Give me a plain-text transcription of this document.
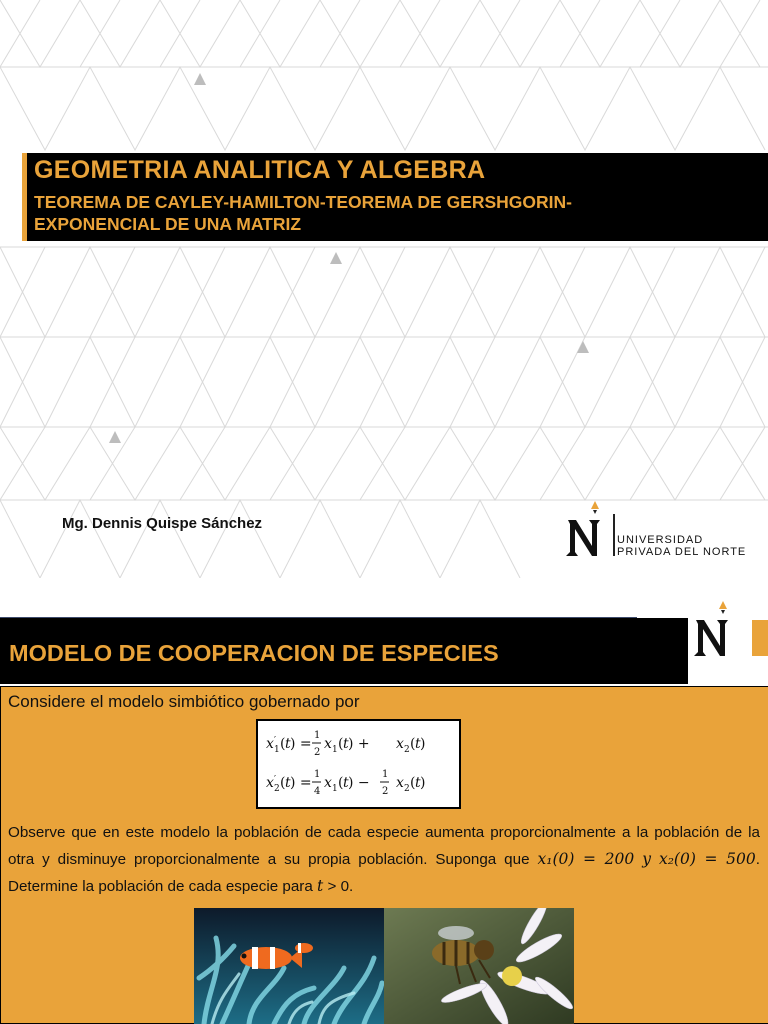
GEOMETRIA ANALITICA Y ALGEBRA
TEOREMA DE CAYLEY-HAMILTON-TEOREMA DE GERSHGORIN-
EXPONENCIAL DE UNA MATRIZ
Mg. Dennis Quispe Sánchez
UNIVERSIDAD
PRIVADA DEL NORTE
MODELO DE COOPERACION DE ESPECIES
Considere el modelo simbiótico gobernado por
x ′
1 ( t ) =
1
2
x 1 ( t ) + x 2 ( t )
x ′
2 ( t ) =
1
4
x 1 ( t ) −
1
2
x 2 ( t )
Observe que en este modelo la población de cada especie aumenta proporcionalmente a la población de la otra y disminuye proporcionalmente a su propia población. Suponga que x₁(0) = 200 y x₂(0) = 500. Determine la población de cada especie para t > 0.
